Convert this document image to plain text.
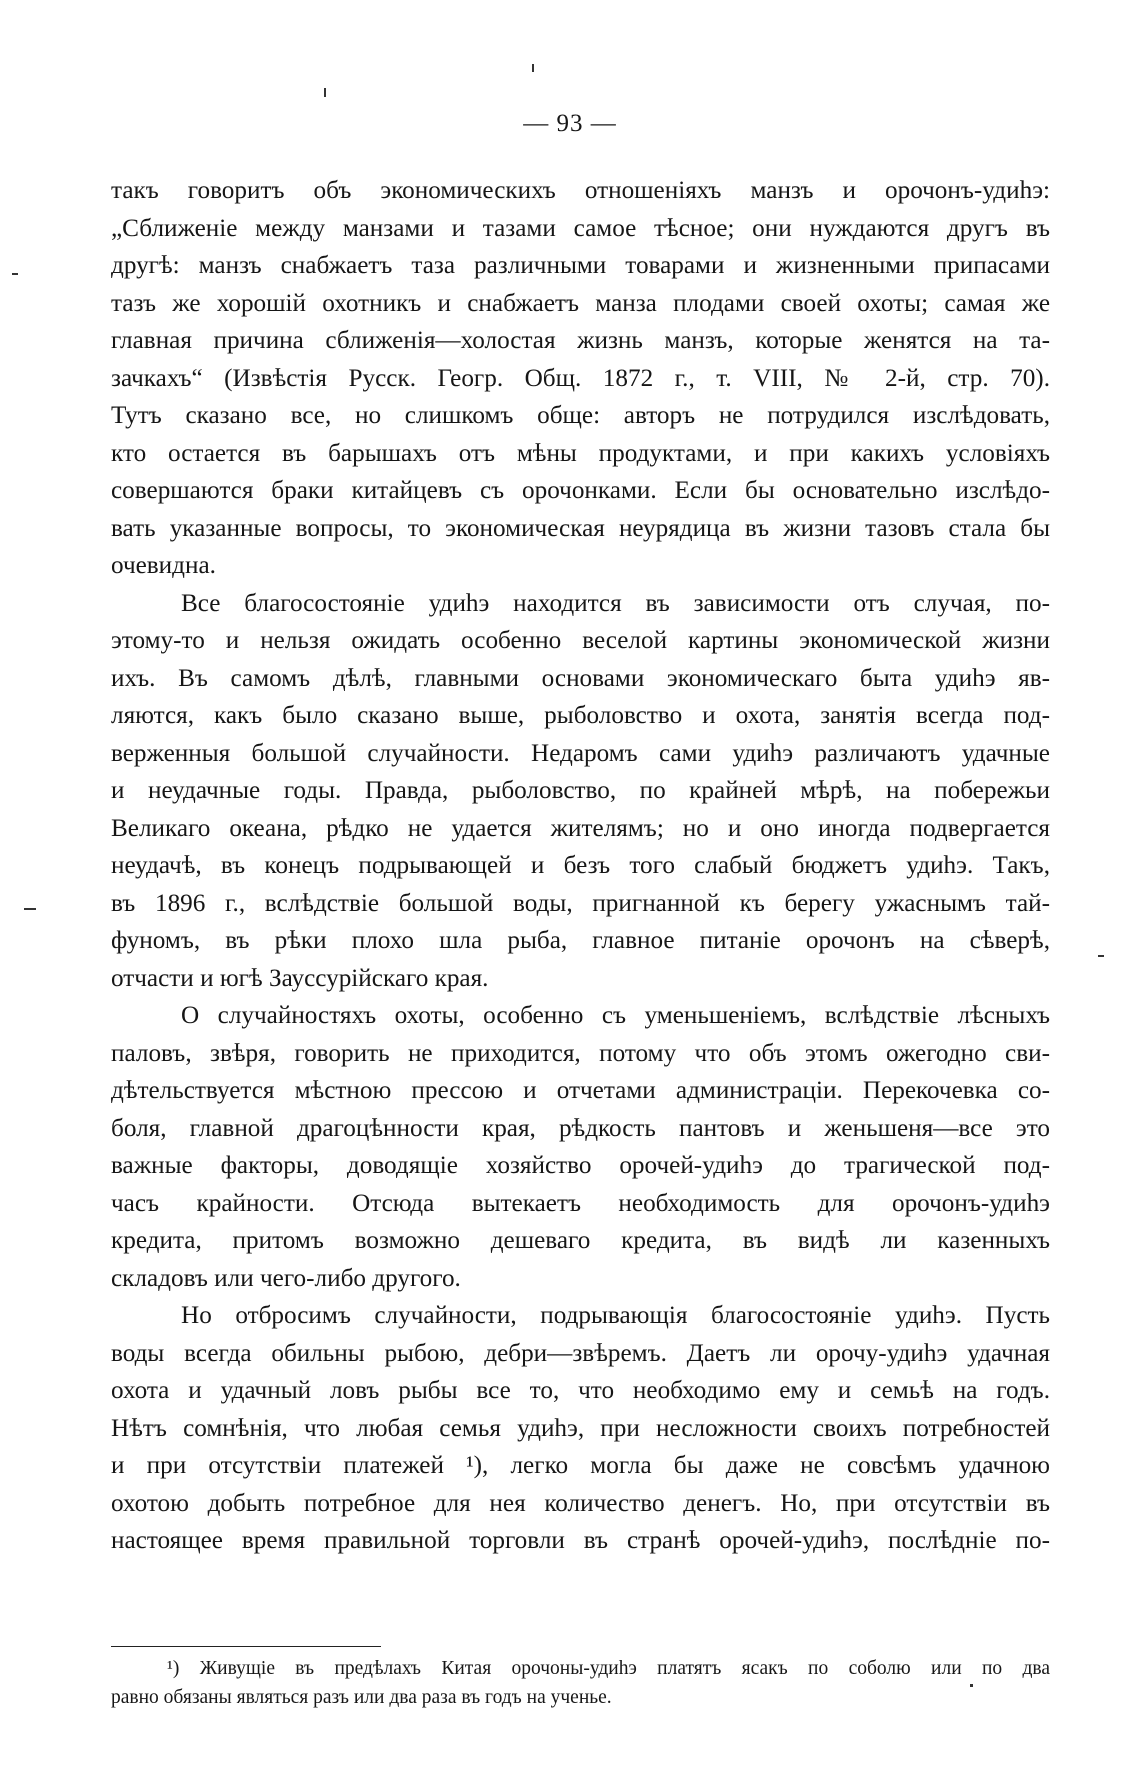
— 93 —
такъ говоритъ объ экономическихъ отношеніяхъ манзъ и орочонъ-удиһэ:
„Сближеніе между манзами и тазами самое тѣсное; они нуждаются другъ въ
другѣ: манзъ снабжаетъ таза различными товарами и жизненными припасами
тазъ же хорошій охотникъ и снабжаетъ манза плодами своей охоты; самая же
главная причина сближенія—холостая жизнь манзъ, которые женятся на та-
зачкахъ“ (Извѣстія Русск. Геогр. Общ. 1872 г., т. VIII, № 2-й, стр. 70).
Тутъ сказано все, но слишкомъ обще: авторъ не потрудился изслѣдовать,
кто остается въ барышахъ отъ мѣны продуктами, и при какихъ условіяхъ
совершаются браки китайцевъ съ орочонками. Если бы основательно изслѣдо-
вать указанные вопросы, то экономическая неурядица въ жизни тазовъ стала бы
очевидна.
Все благосостояніе удиһэ находится въ зависимости отъ случая, по-
этому-то и нельзя ожидать особенно веселой картины экономической жизни
ихъ. Въ самомъ дѣлѣ, главными основами экономическаго быта удиһэ яв-
ляются, какъ было сказано выше, рыболовство и охота, занятія всегда под-
верженныя большой случайности. Недаромъ сами удиһэ различаютъ удачные
и неудачные годы. Правда, рыболовство, по крайней мѣрѣ, на побережьи
Великаго океана, рѣдко не удается жителямъ; но и оно иногда подвергается
неудачѣ, въ конецъ подрывающей и безъ того слабый бюджетъ удиһэ. Такъ,
въ 1896 г., вслѣдствіе большой воды, пригнанной къ берегу ужаснымъ тай-
фуномъ, въ рѣки плохо шла рыба, главное питаніе орочонъ на сѣверѣ,
отчасти и югѣ Зауссурійскаго края.
О случайностяхъ охоты, особенно съ уменьшеніемъ, вслѣдствіе лѣсныхъ
паловъ, звѣря, говорить не приходится, потому что объ этомъ ожегодно сви-
дѣтельствуется мѣстною прессою и отчетами администраціи. Перекочевка со-
боля, главной драгоцѣнности края, рѣдкость пантовъ и женьшеня—все это
важные факторы, доводящіе хозяйство орочей-удиһэ до трагической под-
часъ крайности. Отсюда вытекаетъ необходимость для орочонъ-удиһэ
кредита, притомъ возможно дешеваго кредита, въ видѣ ли казенныхъ
складовъ или чего-либо другого.
Но отбросимъ случайности, подрывающія благосостояніе удиһэ. Пусть
воды всегда обильны рыбою, дебри—звѣремъ. Даетъ ли орочу-удиһэ удачная
охота и удачный ловъ рыбы все то, что необходимо ему и семьѣ на годъ.
Нѣтъ сомнѣнія, что любая семья удиһэ, при несложности своихъ потребностей
и при отсутствіи платежей ¹), легко могла бы даже не совсѣмъ удачною
охотою добыть потребное для нея количество денегъ. Но, при отсутствіи въ
настоящее время правильной торговли въ странѣ орочей-удиһэ, послѣдніе по-
¹) Живущіе въ предѣлахъ Китая орочоны-удиһэ платятъ ясакъ по соболю или по два
равно обязаны являться разъ или два раза въ годъ на ученье.
